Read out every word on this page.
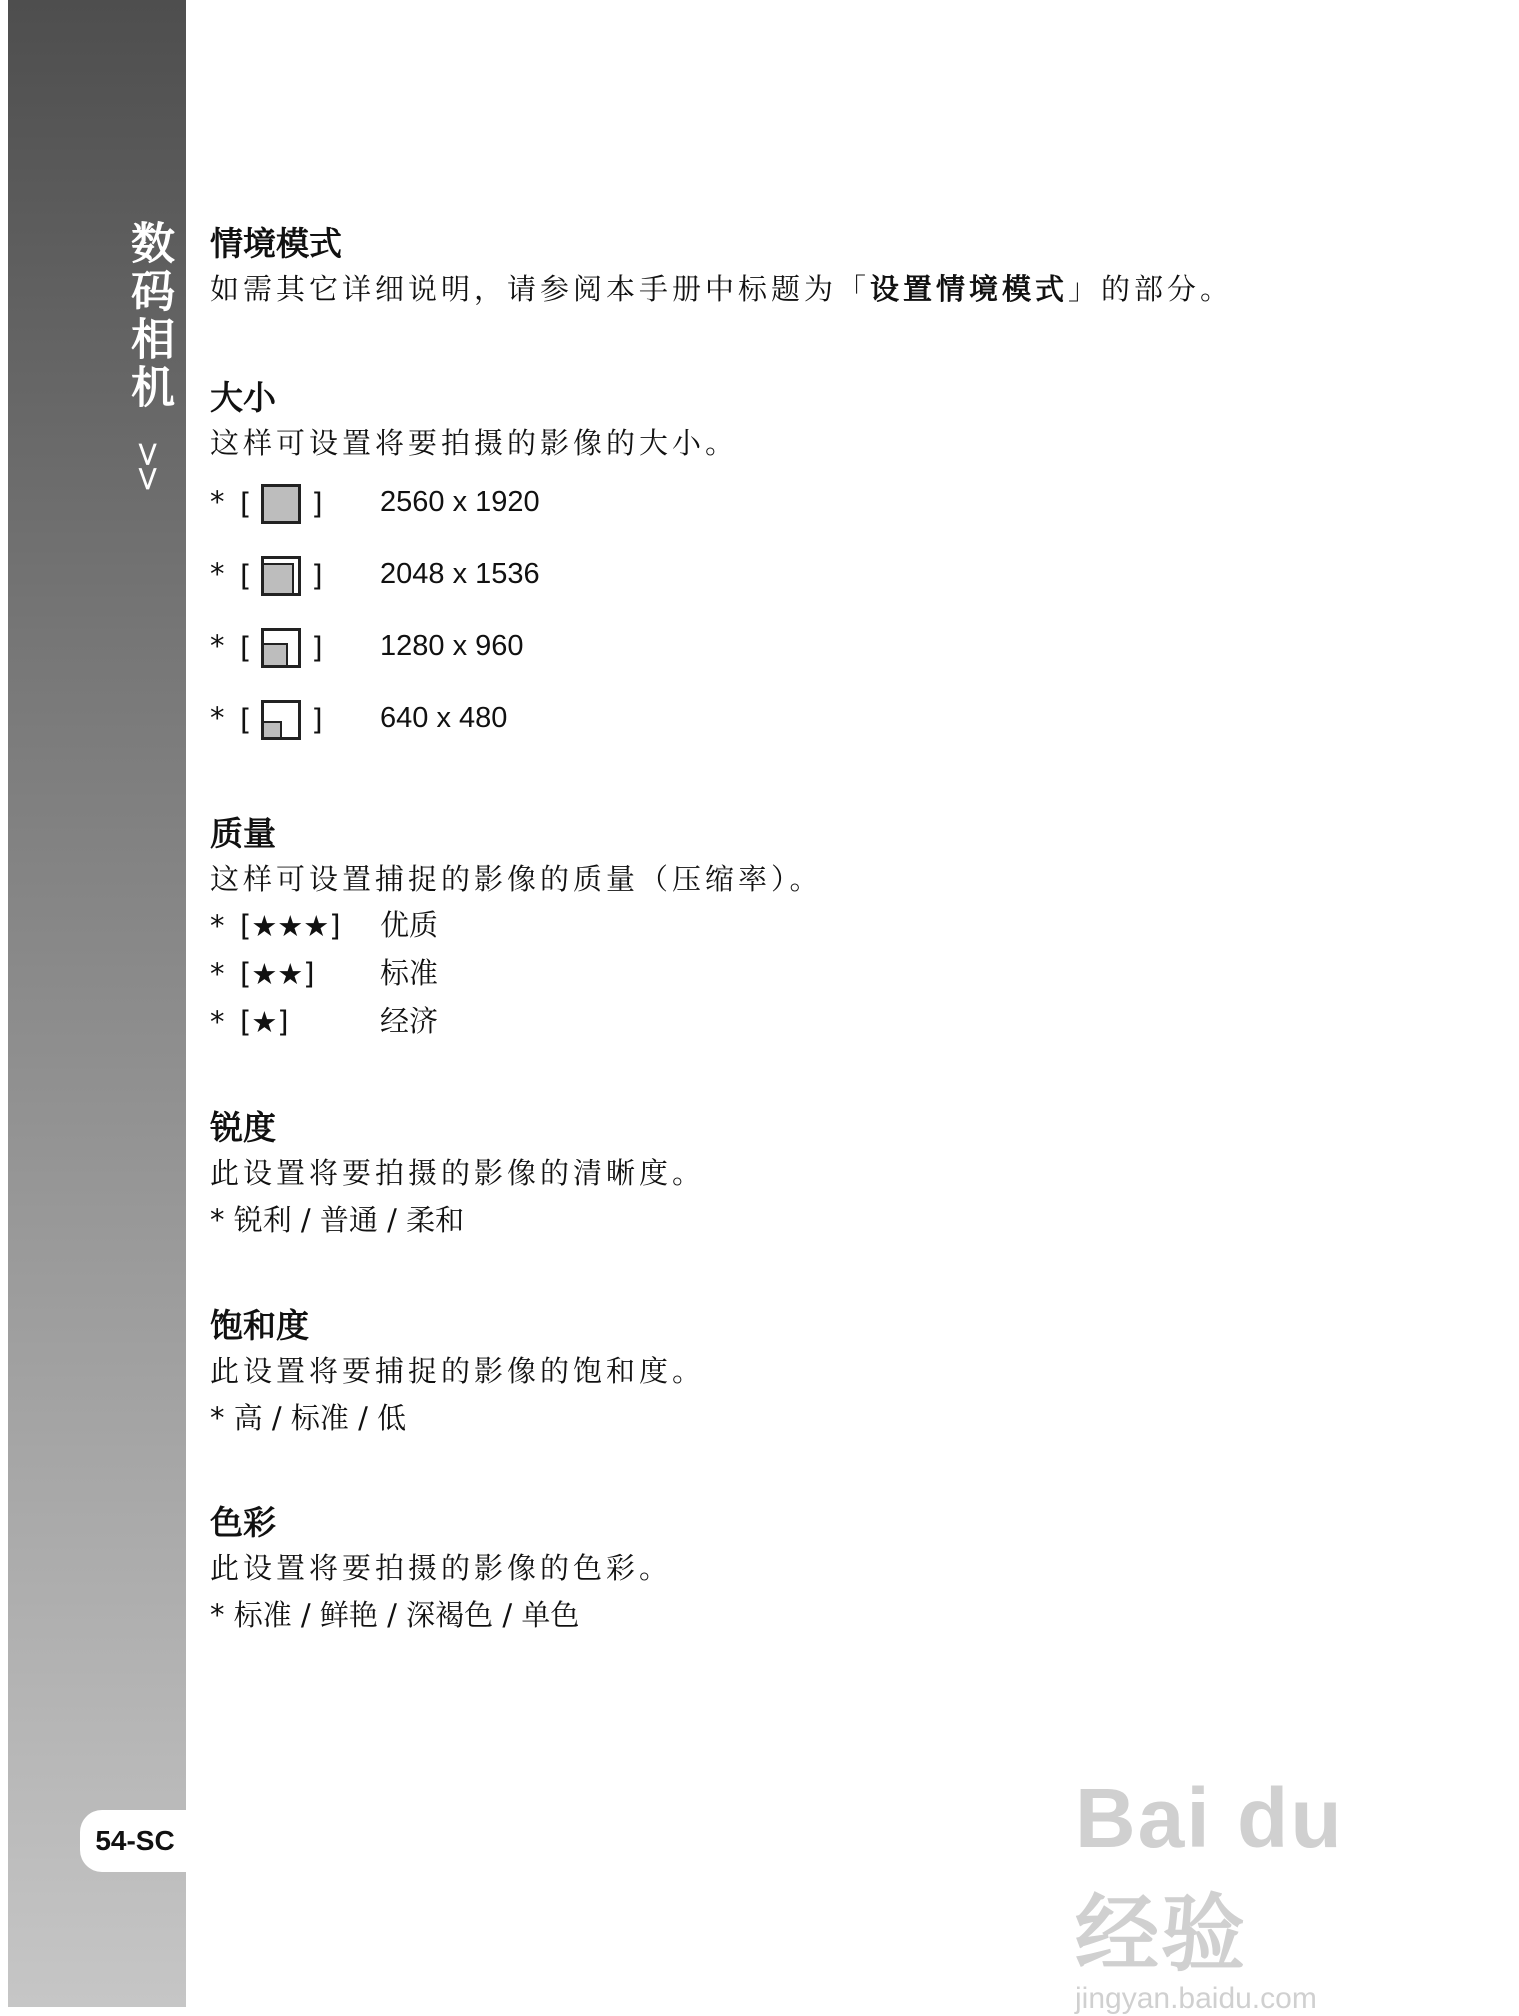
数码相机
>>
54-SC
情境模式
如需其它详细说明，请参阅本手册中标题为「设置情境模式」的部分。
大小
这样可设置将要拍摄的影像的大小。
* [ ] 2560 x 1920
* [ ] 2048 x 1536
* [ ] 1280 x 960
* [ ] 640 x 480
质量
这样可设置捕捉的影像的质量（压缩率）。
* [★★★] 优质
* [★★] 标准
* [★]	经济
锐度
此设置将要拍摄的影像的清晰度。
* 锐利 / 普通 / 柔和
饱和度
此设置将要捕捉的影像的饱和度。
* 高 / 标准 / 低
色彩
此设置将要拍摄的影像的色彩。
* 标准 / 鲜艳 / 深褐色 / 单色
Bai du 经验
jingyan.baidu.com
